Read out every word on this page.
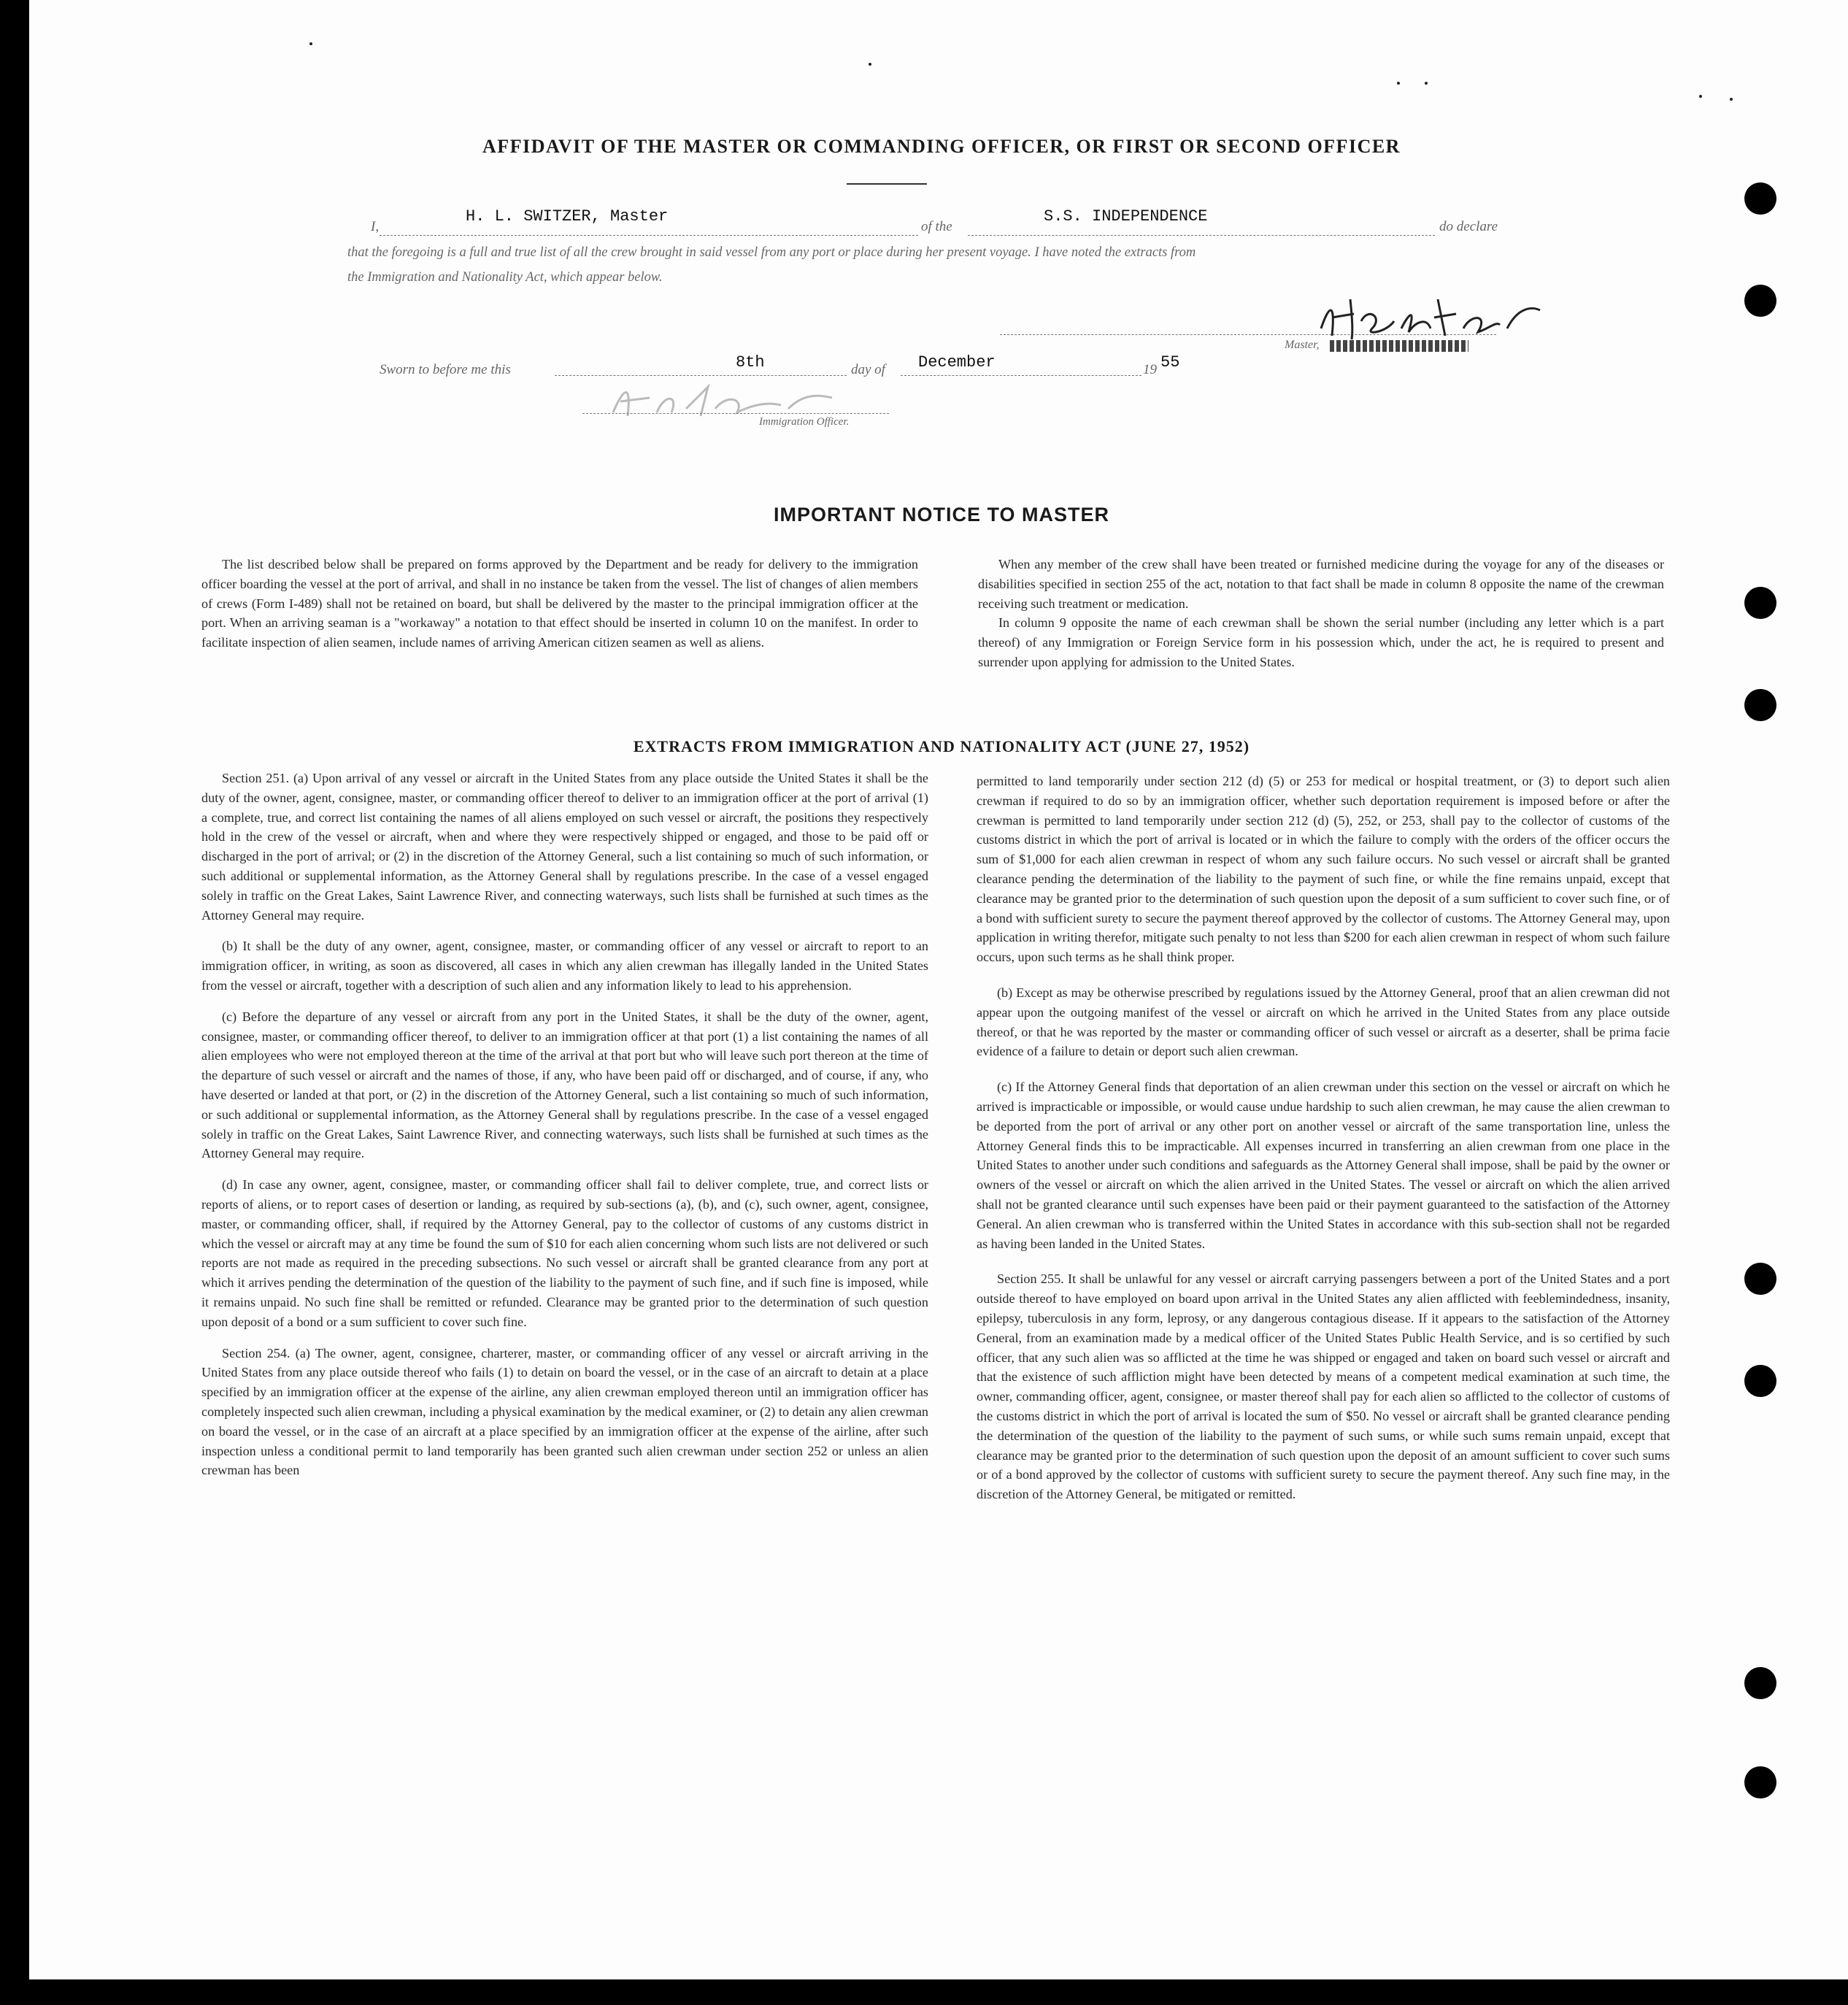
AFFIDAVIT OF THE MASTER OR COMMANDING OFFICER, OR FIRST OR SECOND OFFICER
I,
H. L. SWITZER, Master
of the
S.S. INDEPENDENCE
do declare
that the foregoing is a full and true list of all the crew brought in said vessel from any port or place during her present voyage. I have noted the extracts from
the Immigration and Nationality Act, which appear below.
Master,
Sworn to before me this	8th	day of December	19 55
Immigration Officer.
IMPORTANT NOTICE TO MASTER

The list described below shall be prepared on forms approved by the Department and be ready for delivery to the immigration officer boarding the vessel at the port of arrival, and shall in no instance be taken from the vessel. The list of changes of alien members of crews (Form I-489) shall not be retained on board, but shall be delivered by the master to the principal immigration officer at the port. When an arriving seaman is a "workaway" a notation to that effect should be inserted in column 10 on the manifest. In order to facilitate inspection of alien seamen, include names of arriving American citizen seamen as well as aliens.

When any member of the crew shall have been treated or furnished medicine during the voyage for any of the diseases or disabilities specified in section 255 of the act, notation to that fact shall be made in column 8 opposite the name of the crewman receiving such treatment or medication.

In column 9 opposite the name of each crewman shall be shown the serial number (including any letter which is a part thereof) of any Immigration or Foreign Service form in his possession which, under the act, he is required to present and surrender upon applying for admission to the United States.

EXTRACTS FROM IMMIGRATION AND NATIONALITY ACT (JUNE 27, 1952)

Section 251. (a) Upon arrival of any vessel or aircraft in the United States from any place outside the United States it shall be the duty of the owner, agent, consignee, master, or commanding officer thereof to deliver to an immigration officer at the port of arrival (1) a complete, true, and correct list containing the names of all aliens employed on such vessel or aircraft, the positions they respectively hold in the crew of the vessel or aircraft, when and where they were respectively shipped or engaged, and those to be paid off or discharged in the port of arrival; or (2) in the discretion of the Attorney General, such a list containing so much of such information, or such additional or supplemental information, as the Attorney General shall by regulations prescribe. In the case of a vessel engaged solely in traffic on the Great Lakes, Saint Lawrence River, and connecting waterways, such lists shall be furnished at such times as the Attorney General may require.

(b) It shall be the duty of any owner, agent, consignee, master, or commanding officer of any vessel or aircraft to report to an immigration officer, in writing, as soon as discovered, all cases in which any alien crewman has illegally landed in the United States from the vessel or aircraft, together with a description of such alien and any information likely to lead to his apprehension.

(c) Before the departure of any vessel or aircraft from any port in the United States, it shall be the duty of the owner, agent, consignee, master, or commanding officer thereof, to deliver to an immigration officer at that port (1) a list containing the names of all alien employees who were not employed thereon at the time of the arrival at that port but who will leave such port thereon at the time of the departure of such vessel or aircraft and the names of those, if any, who have been paid off or discharged, and of course, if any, who have deserted or landed at that port, or (2) in the discretion of the Attorney General, such a list containing so much of such information, or such additional or supplemental information, as the Attorney General shall by regulations prescribe. In the case of a vessel engaged solely in traffic on the Great Lakes, Saint Lawrence River, and connecting waterways, such lists shall be furnished at such times as the Attorney General may require.

(d) In case any owner, agent, consignee, master, or commanding officer shall fail to deliver complete, true, and correct lists or reports of aliens, or to report cases of desertion or landing, as required by sub-sections (a), (b), and (c), such owner, agent, consignee, master, or commanding officer, shall, if required by the Attorney General, pay to the collector of customs of any customs district in which the vessel or aircraft may at any time be found the sum of $10 for each alien concerning whom such lists are not delivered or such reports are not made as required in the preceding subsections. No such vessel or aircraft shall be granted clearance from any port at which it arrives pending the determination of the question of the liability to the payment of such fine, and if such fine is imposed, while it remains unpaid. No such fine shall be remitted or refunded. Clearance may be granted prior to the determination of such question upon deposit of a bond or a sum sufficient to cover such fine.

Section 254. (a) The owner, agent, consignee, charterer, master, or commanding officer of any vessel or aircraft arriving in the United States from any place outside thereof who fails (1) to detain on board the vessel, or in the case of an aircraft to detain at a place specified by an immigration officer at the expense of the airline, any alien crewman employed thereon until an immigration officer has completely inspected such alien crewman, including a physical examination by the medical examiner, or (2) to detain any alien crewman on board the vessel, or in the case of an aircraft at a place specified by an immigration officer at the expense of the airline, after such inspection unless a conditional permit to land temporarily has been granted such alien crewman under section 252 or unless an alien crewman has been

permitted to land temporarily under section 212 (d) (5) or 253 for medical or hospital treatment, or (3) to deport such alien crewman if required to do so by an immigration officer, whether such deportation requirement is imposed before or after the crewman is permitted to land temporarily under section 212 (d) (5), 252, or 253, shall pay to the collector of customs of the customs district in which the port of arrival is located or in which the failure to comply with the orders of the officer occurs the sum of $1,000 for each alien crewman in respect of whom any such failure occurs. No such vessel or aircraft shall be granted clearance pending the determination of the liability to the payment of such fine, or while the fine remains unpaid, except that clearance may be granted prior to the determination of such question upon the deposit of a sum sufficient to cover such fine, or of a bond with sufficient surety to secure the payment thereof approved by the collector of customs. The Attorney General may, upon application in writing therefor, mitigate such penalty to not less than $200 for each alien crewman in respect of whom such failure occurs, upon such terms as he shall think proper.

(b) Except as may be otherwise prescribed by regulations issued by the Attorney General, proof that an alien crewman did not appear upon the outgoing manifest of the vessel or aircraft on which he arrived in the United States from any place outside thereof, or that he was reported by the master or commanding officer of such vessel or aircraft as a deserter, shall be prima facie evidence of a failure to detain or deport such alien crewman.

(c) If the Attorney General finds that deportation of an alien crewman under this section on the vessel or aircraft on which he arrived is impracticable or impossible, or would cause undue hardship to such alien crewman, he may cause the alien crewman to be deported from the port of arrival or any other port on another vessel or aircraft of the same transportation line, unless the Attorney General finds this to be impracticable. All expenses incurred in transferring an alien crewman from one place in the United States to another under such conditions and safeguards as the Attorney General shall impose, shall be paid by the owner or owners of the vessel or aircraft on which the alien arrived in the United States. The vessel or aircraft on which the alien arrived shall not be granted clearance until such expenses have been paid or their payment guaranteed to the satisfaction of the Attorney General. An alien crewman who is transferred within the United States in accordance with this sub-section shall not be regarded as having been landed in the United States.

Section 255. It shall be unlawful for any vessel or aircraft carrying passengers between a port of the United States and a port outside thereof to have employed on board upon arrival in the United States any alien afflicted with feeblemindedness, insanity, epilepsy, tuberculosis in any form, leprosy, or any dangerous contagious disease. If it appears to the satisfaction of the Attorney General, from an examination made by a medical officer of the United States Public Health Service, and is so certified by such officer, that any such alien was so afflicted at the time he was shipped or engaged and taken on board such vessel or aircraft and that the existence of such affliction might have been detected by means of a competent medical examination at such time, the owner, commanding officer, agent, consignee, or master thereof shall pay for each alien so afflicted to the collector of customs of the customs district in which the port of arrival is located the sum of $50. No vessel or aircraft shall be granted clearance pending the determination of the question of the liability to the payment of such sums, or while such sums remain unpaid, except that clearance may be granted prior to the determination of such question upon the deposit of an amount sufficient to cover such sums or of a bond approved by the collector of customs with sufficient surety to secure the payment thereof. Any such fine may, in the discretion of the Attorney General, be mitigated or remitted.
